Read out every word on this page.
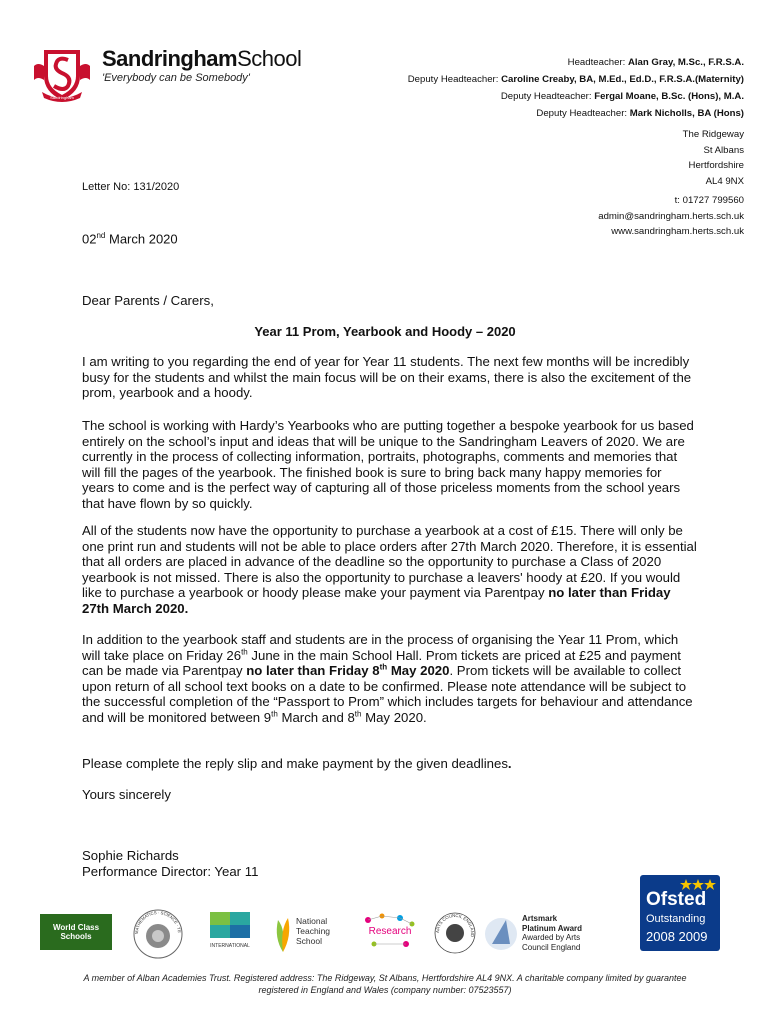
Sandringham
SandringhamSchool
'Everybody can be Somebody'
Headteacher: Alan Gray, M.Sc., F.R.S.A.
Deputy Headteacher: Caroline Creaby, BA, M.Ed., Ed.D., F.R.S.A.(Maternity)
Deputy Headteacher: Fergal Moane, B.Sc. (Hons), M.A.
Deputy Headteacher: Mark Nicholls, BA (Hons)
The Ridgeway
St Albans
Hertfordshire
AL4 9NX
t: 01727 799560
admin@sandringham.herts.sch.uk
www.sandringham.herts.sch.uk
Letter No: 131/2020
02nd March 2020
Dear Parents / Carers,
Year 11 Prom, Yearbook and Hoody – 2020
I am writing to you regarding the end of year for Year 11 students. The next few months will be incredibly busy for the students and whilst the main focus will be on their exams, there is also the excitement of the prom, yearbook and a hoody.
The school is working with Hardy’s Yearbooks who are putting together a bespoke yearbook for us based entirely on the school’s input and ideas that will be unique to the Sandringham Leavers of 2020. We are currently in the process of collecting information, portraits, photographs, comments and memories that will fill the pages of the yearbook. The finished book is sure to bring back many happy memories for years to come and is the perfect way of capturing all of those priceless moments from the school years that have flown by so quickly.
All of the students now have the opportunity to purchase a yearbook at a cost of £15. There will only be one print run and students will not be able to place orders after 27th March 2020. Therefore, it is essential that all orders are placed in advance of the deadline so the opportunity to purchase a Class of 2020 yearbook is not missed. There is also the opportunity to purchase a leavers' hoody at £20. If you would like to purchase a yearbook or hoody please make your payment via Parentpay no later than Friday 27th March 2020.
In addition to the yearbook staff and students are in the process of organising the Year 11 Prom, which will take place on Friday 26th June in the main School Hall. Prom tickets are priced at £25 and payment can be made via Parentpay no later than Friday 8th May 2020. Prom tickets will be available to collect upon return of all school text books on a date to be confirmed. Please note attendance will be subject to the successful completion of the “Passport to Prom” which includes targets for behaviour and attendance and will be monitored between 9th March and 8th May 2020.
Please complete the reply slip and make payment by the given deadlines.
Yours sincerely
Sophie Richards
Performance Director: Year 11
World Class Schools	MATHEMATICS · SCIENCE · TE
INTERNATIONAL
National
Teaching
School
Research	ARTS COUNCIL ENGLAND
Artsmark
Platinum Award
Awarded by Arts
Council England
Ofsted
Outstanding
2008 2009
A member of Alban Academies Trust. Registered address: The Ridgeway, St Albans, Hertfordshire AL4 9NX. A charitable company limited by guarantee
registered in England and Wales (company number: 07523557)
